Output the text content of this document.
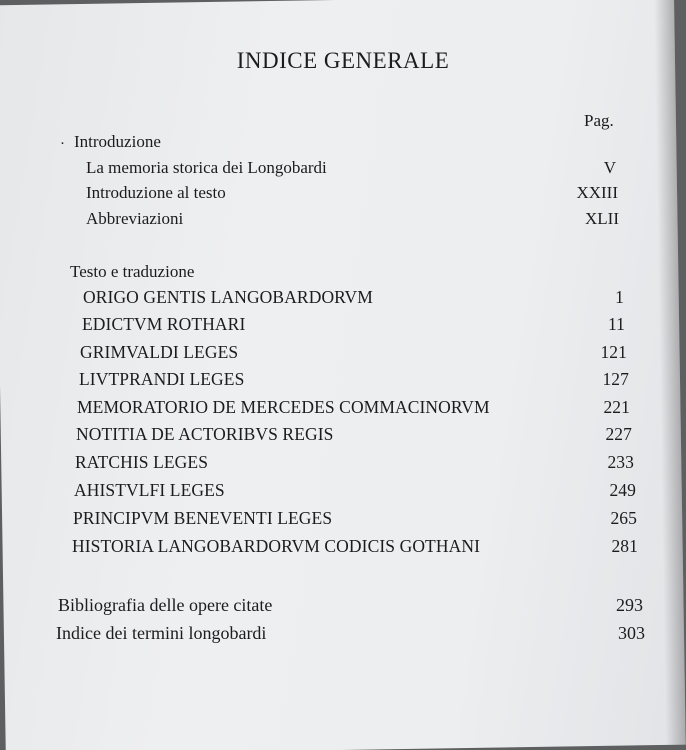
INDICE GENERALE
Pag.
· Introduzione
La memoria storica dei Longobardi	V
Introduzione al testo	XXIII
Abbreviazioni	XLII
Testo e traduzione
ORIGO GENTIS LANGOBARDORVM	1
EDICTVM ROTHARI	11
GRIMVALDI LEGES	121
LIVTPRANDI LEGES	127
MEMORATORIO DE MERCEDES COMMACINORVM	221
NOTITIA DE ACTORIBVS REGIS	227
RATCHIS LEGES	233
AHISTVLFI LEGES	249
PRINCIPVM BENEVENTI LEGES	265
HISTORIA LANGOBARDORVM CODICIS GOTHANI	281
Bibliografia delle opere citate	293
Indice dei termini longobardi	303
